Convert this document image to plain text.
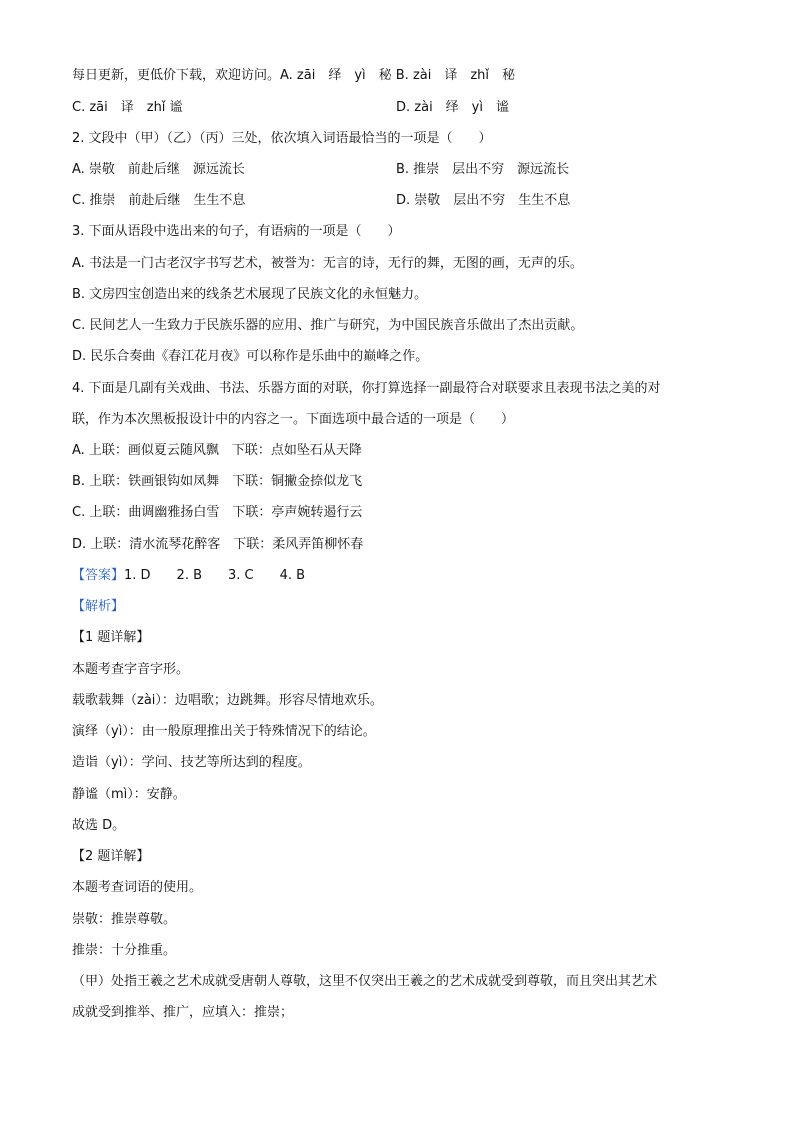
每日更新，更低价下载，欢迎访问。A. zāi　绎　yì　秘 B. zài　译　zhǐ　秘
C. zāi　译　zhǐ 谧	D. zài　绎　yì　谧
2. 文段中（甲）（乙）（丙）三处，依次填入词语最恰当的一项是（　　）
A. 崇敬　前赴后继　源远流长	B. 推崇　层出不穷　源远流长
C. 推崇　前赴后继　生生不息	D. 崇敬　层出不穷　生生不息
3. 下面从语段中选出来的句子，有语病的一项是（　　）
A. 书法是一门古老汉字书写艺术，被誉为：无言的诗，无行的舞，无图的画，无声的乐。
B. 文房四宝创造出来的线条艺术展现了民族文化的永恒魅力。
C. 民间艺人一生致力于民族乐器的应用、推广与研究，为中国民族音乐做出了杰出贡献。
D. 民乐合奏曲《春江花月夜》可以称作是乐曲中的巅峰之作。
4. 下面是几副有关戏曲、书法、乐器方面的对联，你打算选择一副最符合对联要求且表现书法之美的对
联，作为本次黑板报设计中的内容之一。下面选项中最合适的一项是（　　）
A. 上联：画似夏云随风飘　下联：点如坠石从天降
B. 上联：铁画银钩如凤舞　下联：铜撇金捺似龙飞
C. 上联：曲调幽雅扬白雪　下联：亭声婉转遏行云
D. 上联：清水流琴花醉客　下联：柔风弄笛柳怀春
【答案】1. D　　2. B　　3. C　　4. B
【解析】
【1 题详解】
本题考查字音字形。
载歌载舞（zài）：边唱歌；边跳舞。形容尽情地欢乐。
演绎（yì）：由一般原理推出关于特殊情况下的结论。
造诣（yì）：学问、技艺等所达到的程度。
静谧（mì）：安静。
故选 D。
【2 题详解】
本题考查词语的使用。
崇敬：推崇尊敬。
推崇：十分推重。
（甲）处指王羲之艺术成就受唐朝人尊敬，这里不仅突出王羲之的艺术成就受到尊敬，而且突出其艺术
成就受到推举、推广，应填入：推崇；
